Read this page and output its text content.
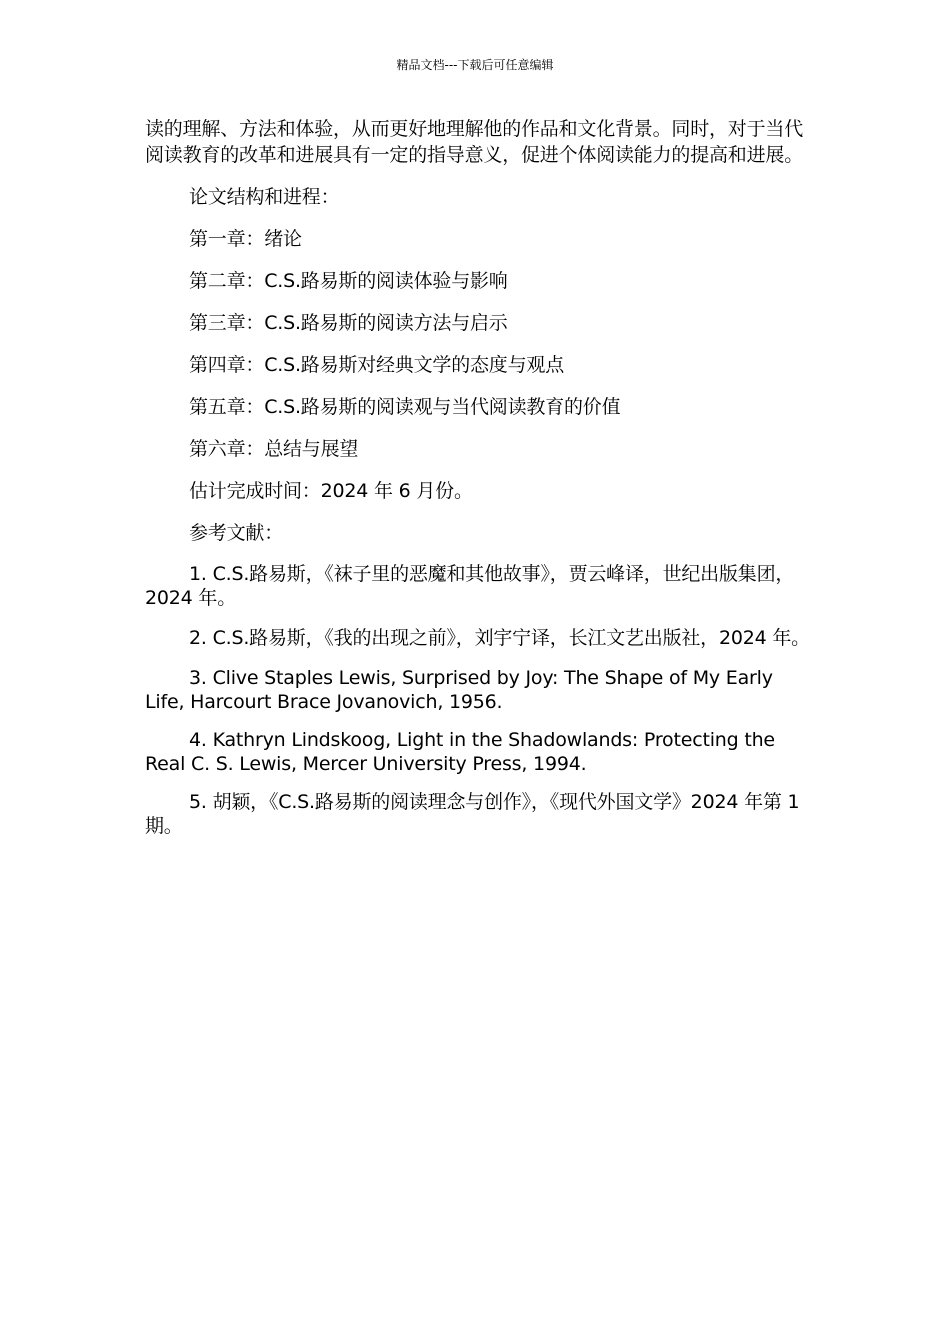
精品文档---下载后可任意编辑

读的理解、方法和体验，从而更好地理解他的作品和文化背景。同时，对于当代阅读教育的改革和进展具有一定的指导意义，促进个体阅读能力的提高和进展。

论文结构和进程：

第一章：绪论

第二章：C.S.路易斯的阅读体验与影响

第三章：C.S.路易斯的阅读方法与启示

第四章：C.S.路易斯对经典文学的态度与观点

第五章：C.S.路易斯的阅读观与当代阅读教育的价值

第六章：总结与展望

估计完成时间：2024 年 6 月份。

参考文献：

1. C.S.路易斯，《袜子里的恶魔和其他故事》，贾云峰译，世纪出版集团，2024 年。

2. C.S.路易斯，《我的出现之前》，刘宇宁译，长江文艺出版社，2024 年。

3. Clive Staples Lewis, Surprised by Joy: The Shape of My Early Life, Harcourt Brace Jovanovich, 1956.

4. Kathryn Lindskoog, Light in the Shadowlands: Protecting the Real C. S. Lewis, Mercer University Press, 1994.

5. 胡颖，《C.S.路易斯的阅读理念与创作》，《现代外国文学》2024 年第 1 期。
